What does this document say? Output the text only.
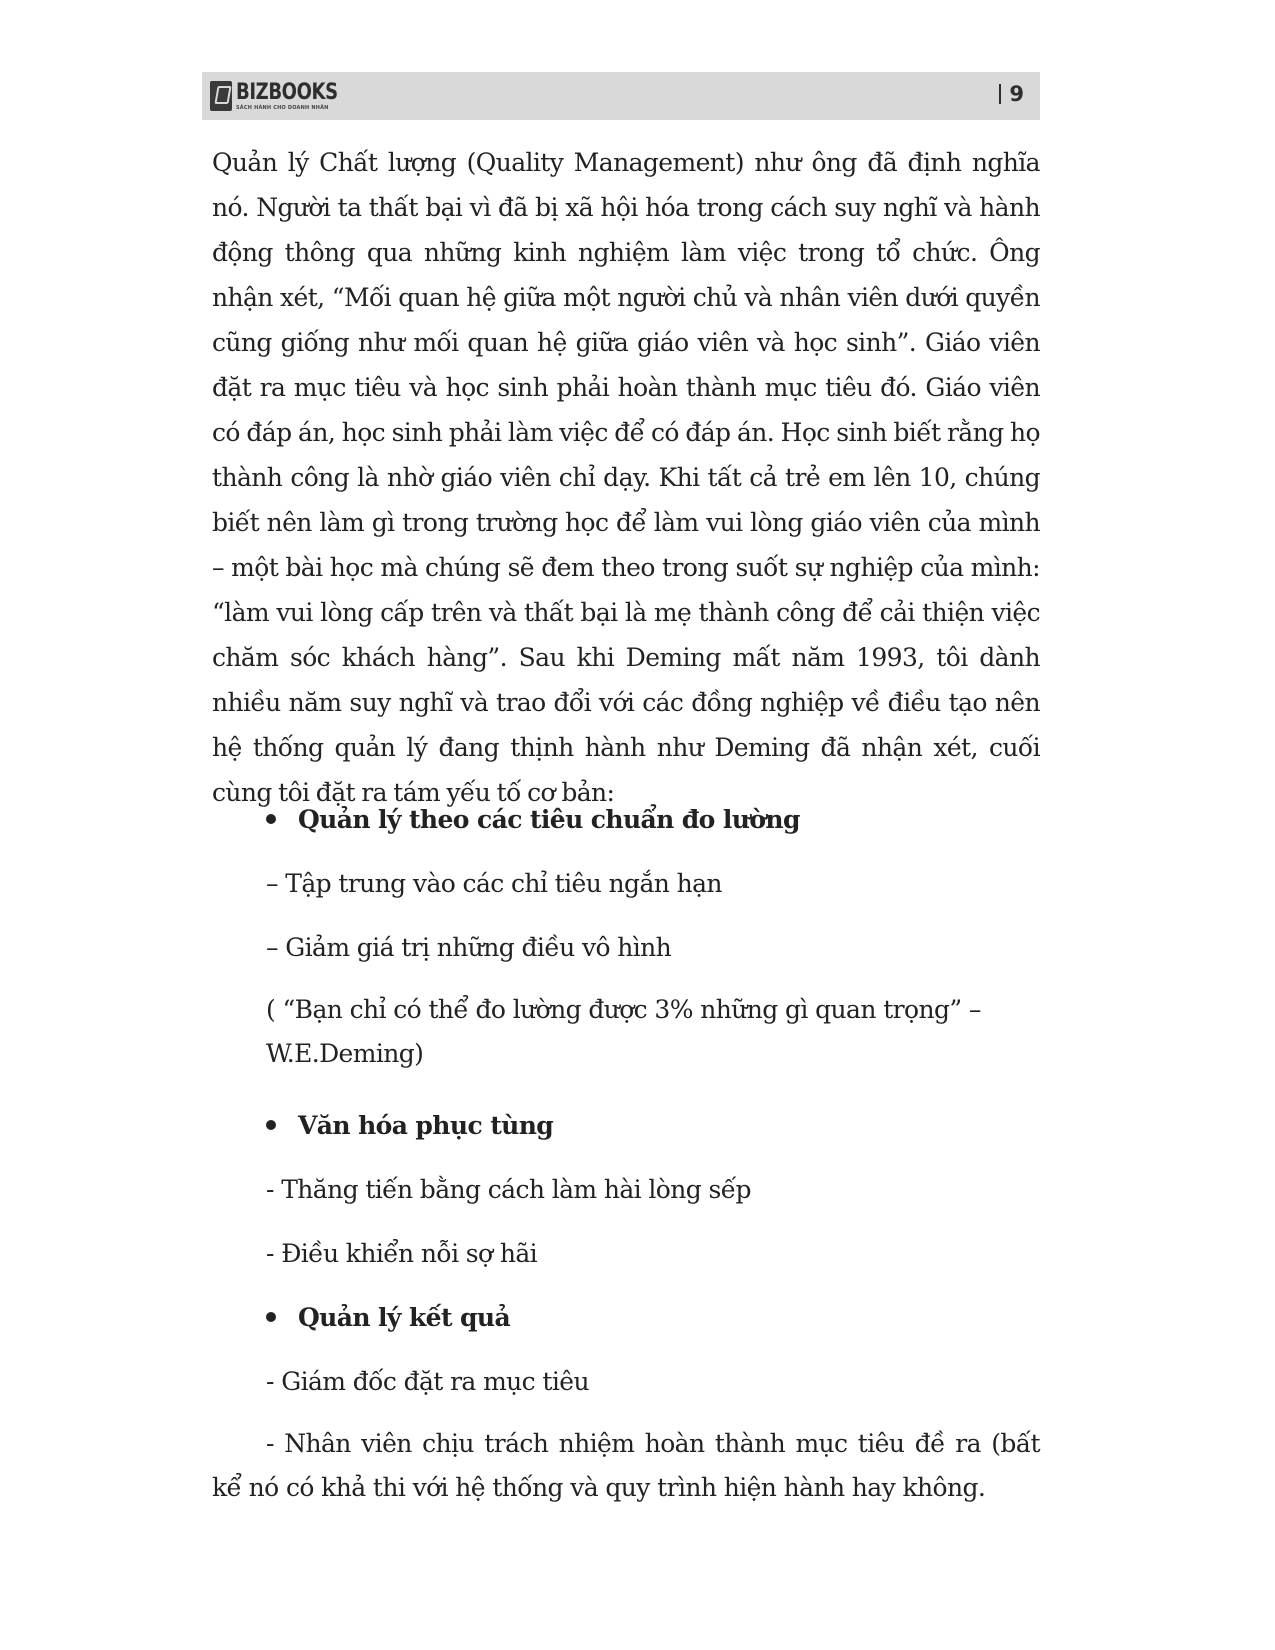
BIZBOOKS
SÁCH HÀNH CHO DOANH NHÂN
9

Quản lý Chất lượng (Quality Management) như ông đã định nghĩa nó. Người ta thất bại vì đã bị xã hội hóa trong cách suy nghĩ và hành động thông qua những kinh nghiệm làm việc trong tổ chức. Ông nhận xét, “Mối quan hệ giữa một người chủ và nhân viên dưới quyền cũng giống như mối quan hệ giữa giáo viên và học sinh”. Giáo viên đặt ra mục tiêu và học sinh phải hoàn thành mục tiêu đó. Giáo viên có đáp án, học sinh phải làm việc để có đáp án. Học sinh biết rằng họ thành công là nhờ giáo viên chỉ dạy. Khi tất cả trẻ em lên 10, chúng biết nên làm gì trong trường học để làm vui lòng giáo viên của mình – một bài học mà chúng sẽ đem theo trong suốt sự nghiệp của mình: “làm vui lòng cấp trên và thất bại là mẹ thành công để cải thiện việc chăm sóc khách hàng”. Sau khi Deming mất năm 1993, tôi dành nhiều năm suy nghĩ và trao đổi với các đồng nghiệp về điều tạo nên hệ thống quản lý đang thịnh hành như Deming đã nhận xét, cuối cùng tôi đặt ra tám yếu tố cơ bản:

Quản lý theo các tiêu chuẩn đo lường

– Tập trung vào các chỉ tiêu ngắn hạn

– Giảm giá trị những điều vô hình

( “Bạn chỉ có thể đo lường được 3% những gì quan trọng” – W.E.Deming)

Văn hóa phục tùng

- Thăng tiến bằng cách làm hài lòng sếp

- Điều khiển nỗi sợ hãi

Quản lý kết quả

- Giám đốc đặt ra mục tiêu

- Nhân viên chịu trách nhiệm hoàn thành mục tiêu đề ra (bất kể nó có khả thi với hệ thống và quy trình hiện hành hay không.
